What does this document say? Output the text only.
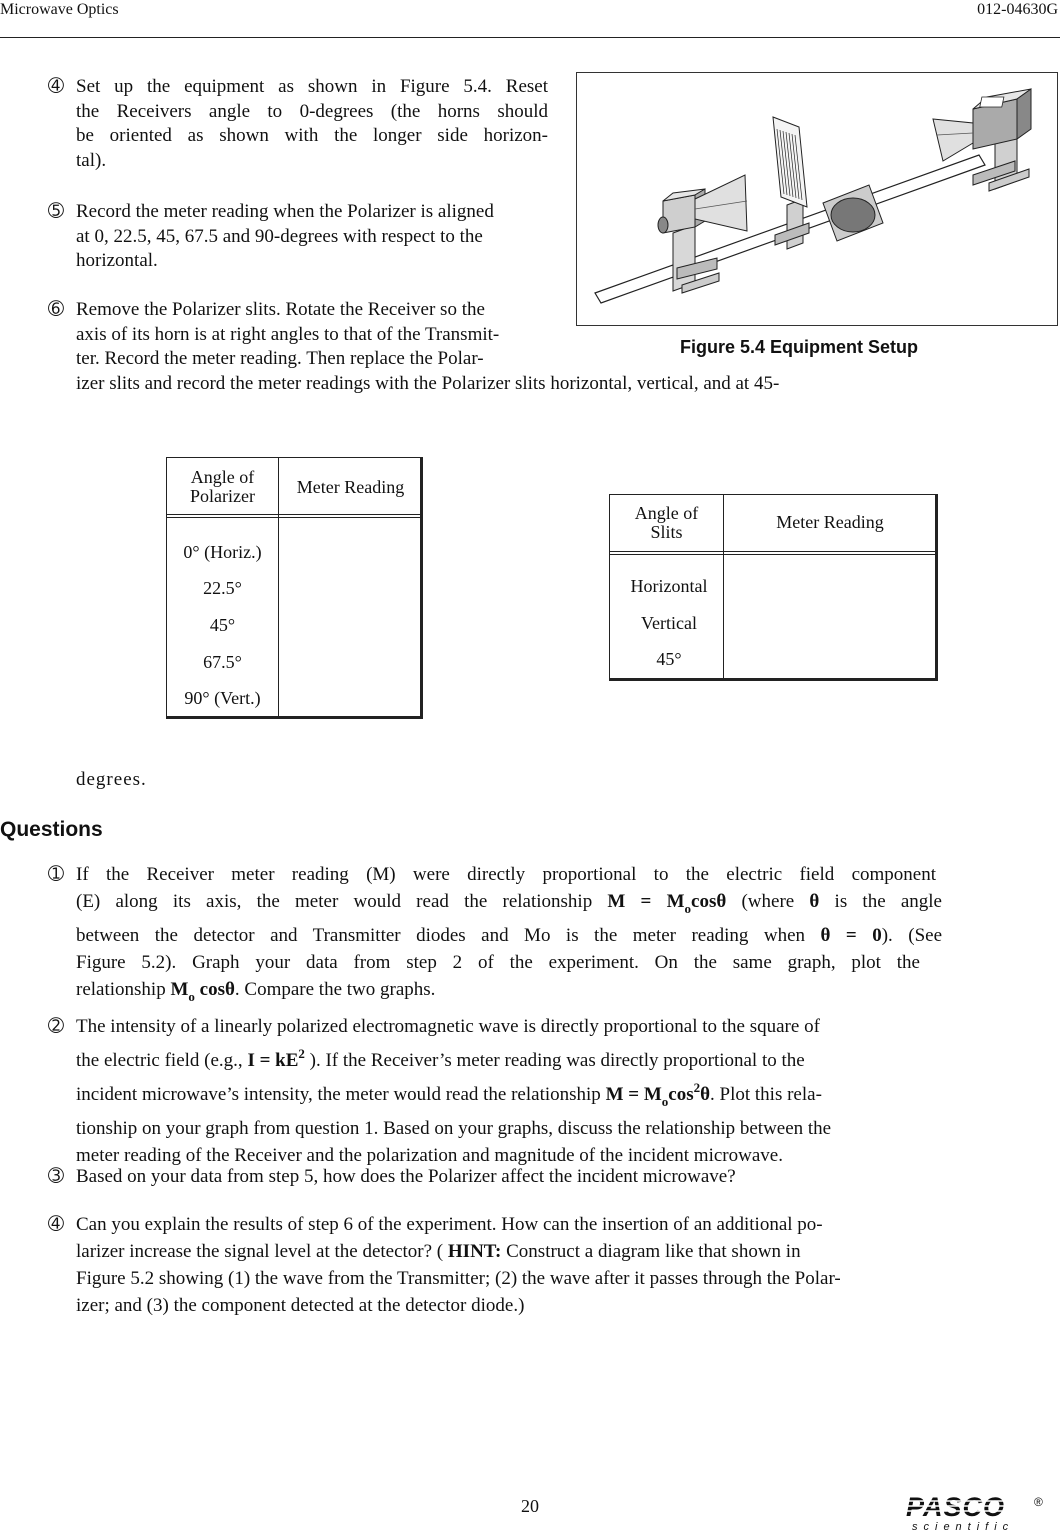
Microwave Optics	012-04630G
➃ Set up the equipment as shown in Figure 5.4. Reset
the Receivers angle to 0-degrees (the horns should
be oriented as shown with the longer side horizon-
tal).
➄ Record the meter reading when the Polarizer is aligned
at 0, 22.5, 45, 67.5 and 90-degrees with respect to the
horizontal.
➅ Remove the Polarizer slits. Rotate the Receiver so the
axis of its horn is at right angles to that of the Transmit-
ter. Record the meter reading. Then replace the Polar-
izer slits and record the meter readings with the Polarizer slits horizontal, vertical, and at 45-
Figure 5.4 Equipment Setup
Angle of
Polarizer	Meter Reading
0° (Horiz.)
22.5°
45°
67.5°
90° (Vert.)
Angle of
Slits	Meter Reading
Horizontal
Vertical
45°
degrees.
Questions
➀ If the Receiver meter reading (M) were directly proportional to the electric field component
(E) along its axis, the meter would read the relationship $M = M_o\cos\theta$ (where θ is the angle
between the detector and Transmitter diodes and Mo is the meter reading when θ = 0). (See
Figure 5.2). Graph your data from step 2 of the experiment. On the same graph, plot the
relationship $M_o$ cosθ. Compare the two graphs.
➁ The intensity of a linearly polarized electromagnetic wave is directly proportional to the square of
the electric field (e.g., $I = kE^2$ ). If the Receiver’s meter reading was directly proportional to the
incident microwave’s intensity, the meter would read the relationship $M = M_o\cos^2\theta$. Plot this rela-
tionship on your graph from question 1. Based on your graphs, discuss the relationship between the
meter reading of the Receiver and the polarization and magnitude of the incident microwave.
➂ Based on your data from step 5, how does the Polarizer affect the incident microwave?
➃ Can you explain the results of step 6 of the experiment. How can the insertion of an additional po-
larizer increase the signal level at the detector? ( HINT: Construct a diagram like that shown in
Figure 5.2 showing (1) the wave from the Transmitter; (2) the wave after it passes through the Polar-
izer; and (3) the component detected at the detector diode.)
20	PASCO
scientific
®
